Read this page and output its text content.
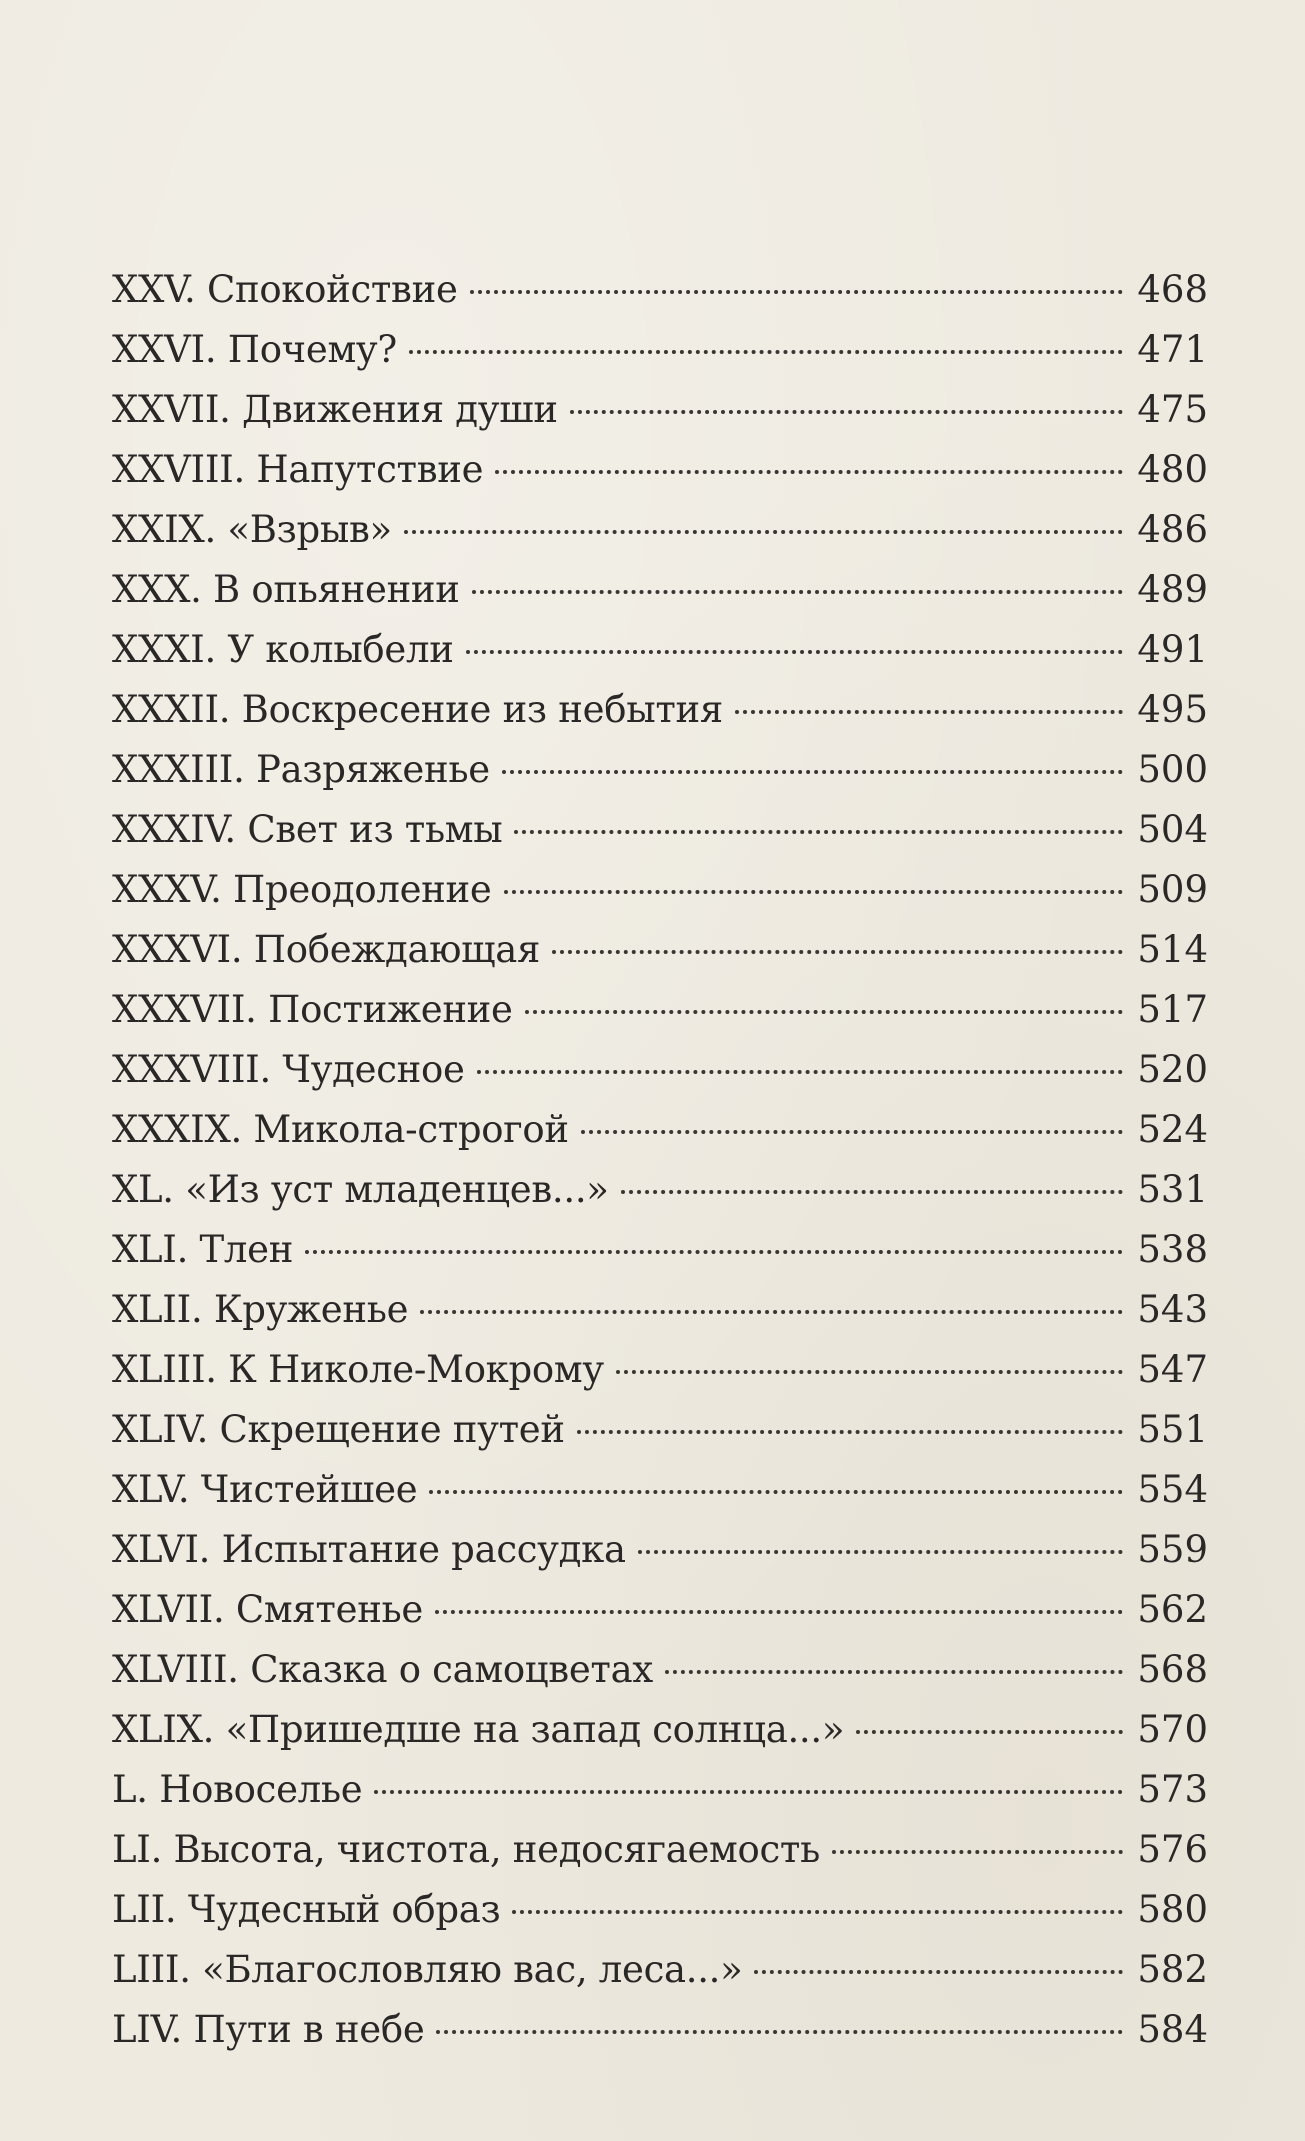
XXV. Спокойствие	468
XXVI. Почему?	471
XXVII. Движения души	475
XXVIII. Напутствие	480
XXIX. «Взрыв»	486
XXX. В опьянении	489
XXXI. У колыбели	491
XXXII. Воскресение из небытия	495
XXXIII. Разряженье	500
XXXIV. Свет из тьмы	504
XXXV. Преодоление	509
XXXVI. Побеждающая	514
XXXVII. Постижение	517
XXXVIII. Чудесное	520
XXXIX. Микола-строгой	524
XL. «Из уст младенцев...»	531
XLI. Тлен	538
XLII. Круженье	543
XLIII. К Николе-Мокрому	547
XLIV. Скрещение путей	551
XLV. Чистейшее	554
XLVI. Испытание рассудка	559
XLVII. Смятенье	562
XLVIII. Сказка о самоцветах	568
XLIX. «Пришедше на запад солнца...»	570
L. Новоселье	573
LI. Высота, чистота, недосягаемость	576
LII. Чудесный образ	580
LIII. «Благословляю вас, леса...»	582
LIV. Пути в небе	584
